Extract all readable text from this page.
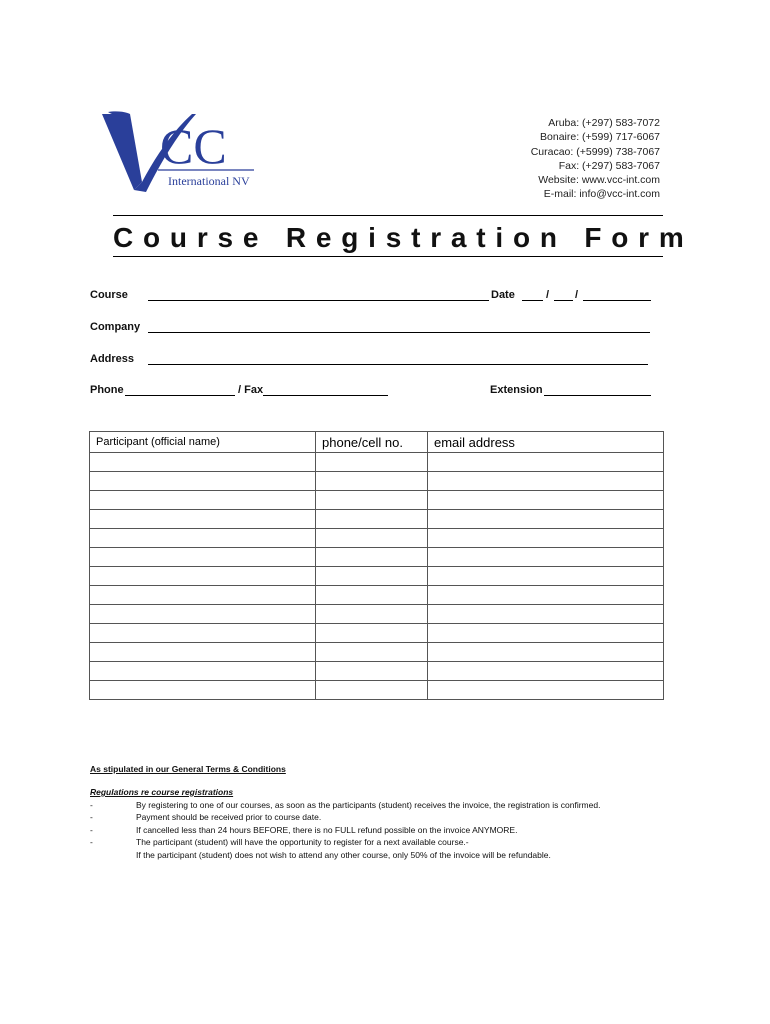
CC
International NV
Aruba: (+297) 583-7072
Bonaire: (+599) 717-6067
Curacao: (+5999) 738-7067
Fax: (+297) 583-7067
Website: www.vcc-int.com
E-mail: info@vcc-int.com
Course Registration Form
Course	Date	/ /
Company
Address
Phone	/ Fax	Extension
Participant (official name)	phone/cell no.	email address

As stipulated in our General Terms & Conditions
Regulations re course registrations
-	By registering to one of our courses, as soon as the participants (student) receives the invoice, the registration is confirmed.
-	Payment should be received prior to course date.
-	If cancelled less than 24 hours BEFORE, there is no FULL refund possible on the invoice ANYMORE.
-	The participant (student) will have the opportunity to register for a next available course.-
If the participant (student) does not wish to attend any other course, only 50% of the invoice will be refundable.
